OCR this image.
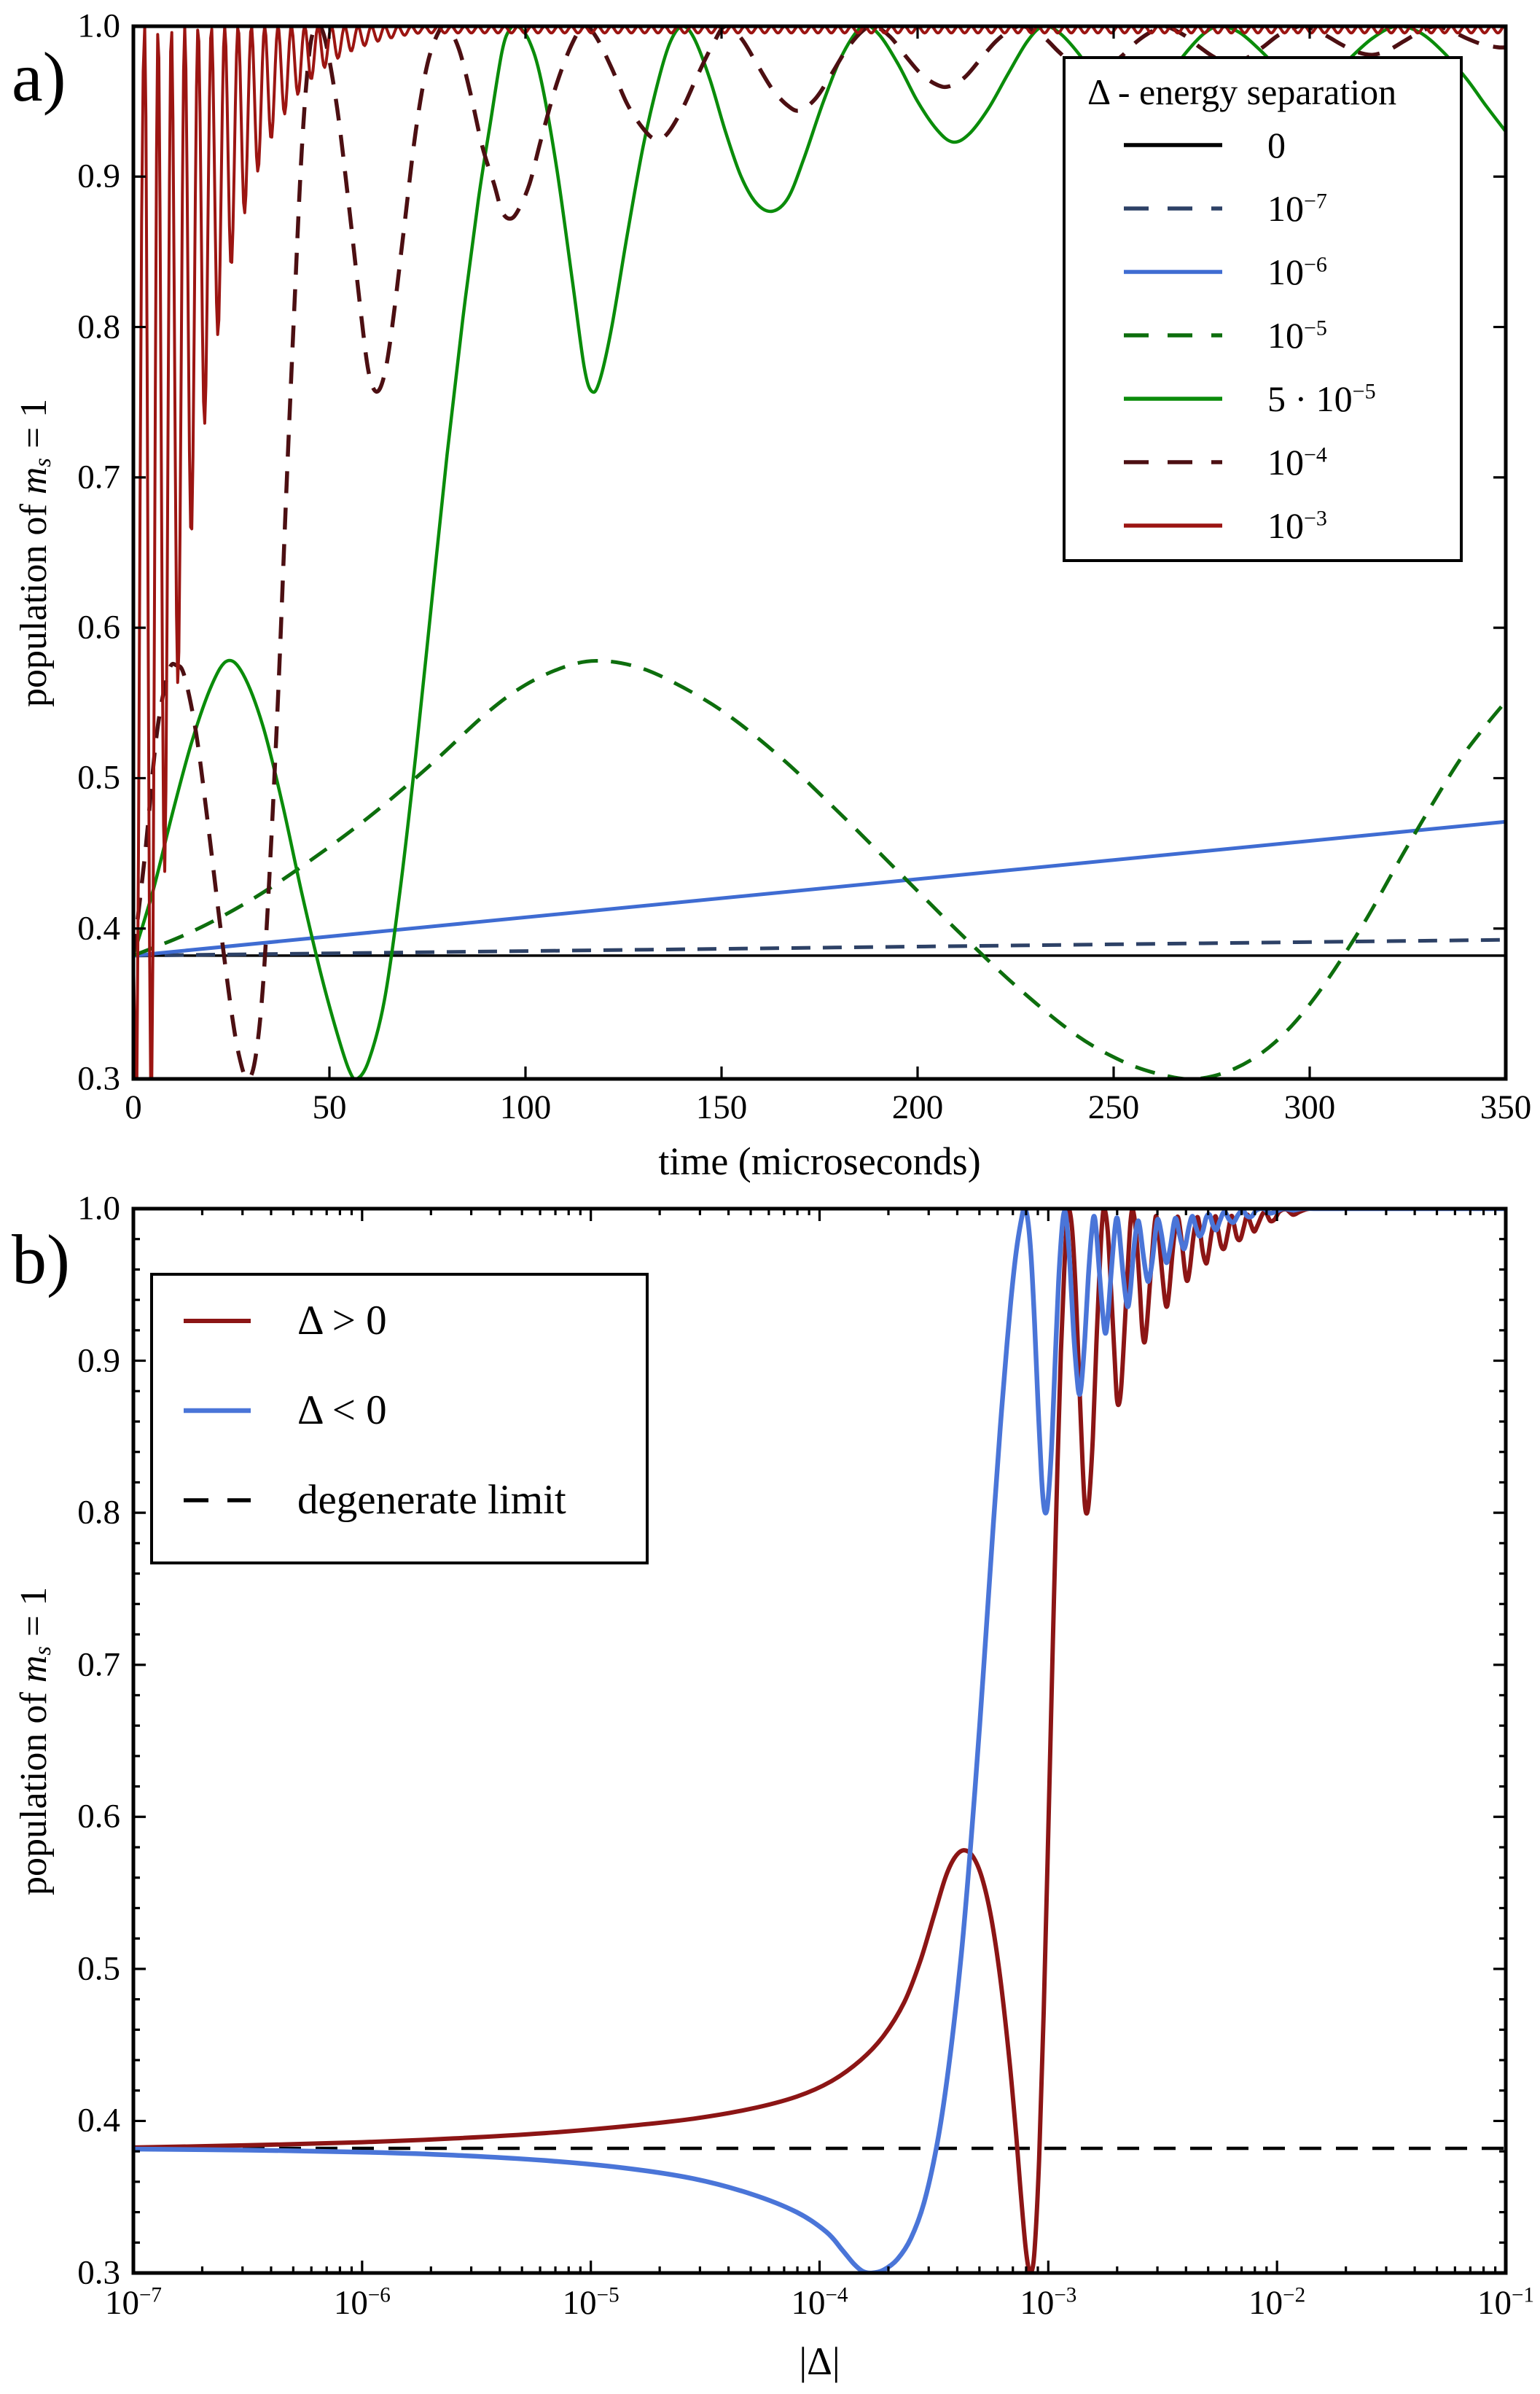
a)
b)
population of $m_s = 1$
population of $m_s = 1$
time (microseconds)
|Δ|
0	50	100	150	200	250	300	350
0.3
0.4
0.5
0.6
0.7
0.8
0.9
1.0
$10^{-7}$	$10^{-6}$	$10^{-5}$	$10^{-4}$	$10^{-3}$	$10^{-2}$	$10^{-1}$
0.3
0.4
0.5
0.6
0.7
0.8
0.9
1.0
Δ - energy separation
0
$10^{-7}$
$10^{-6}$
$10^{-5}$
$5 \cdot 10^{-5}$
$10^{-4}$
$10^{-3}$
Δ > 0
Δ < 0
degenerate limit
